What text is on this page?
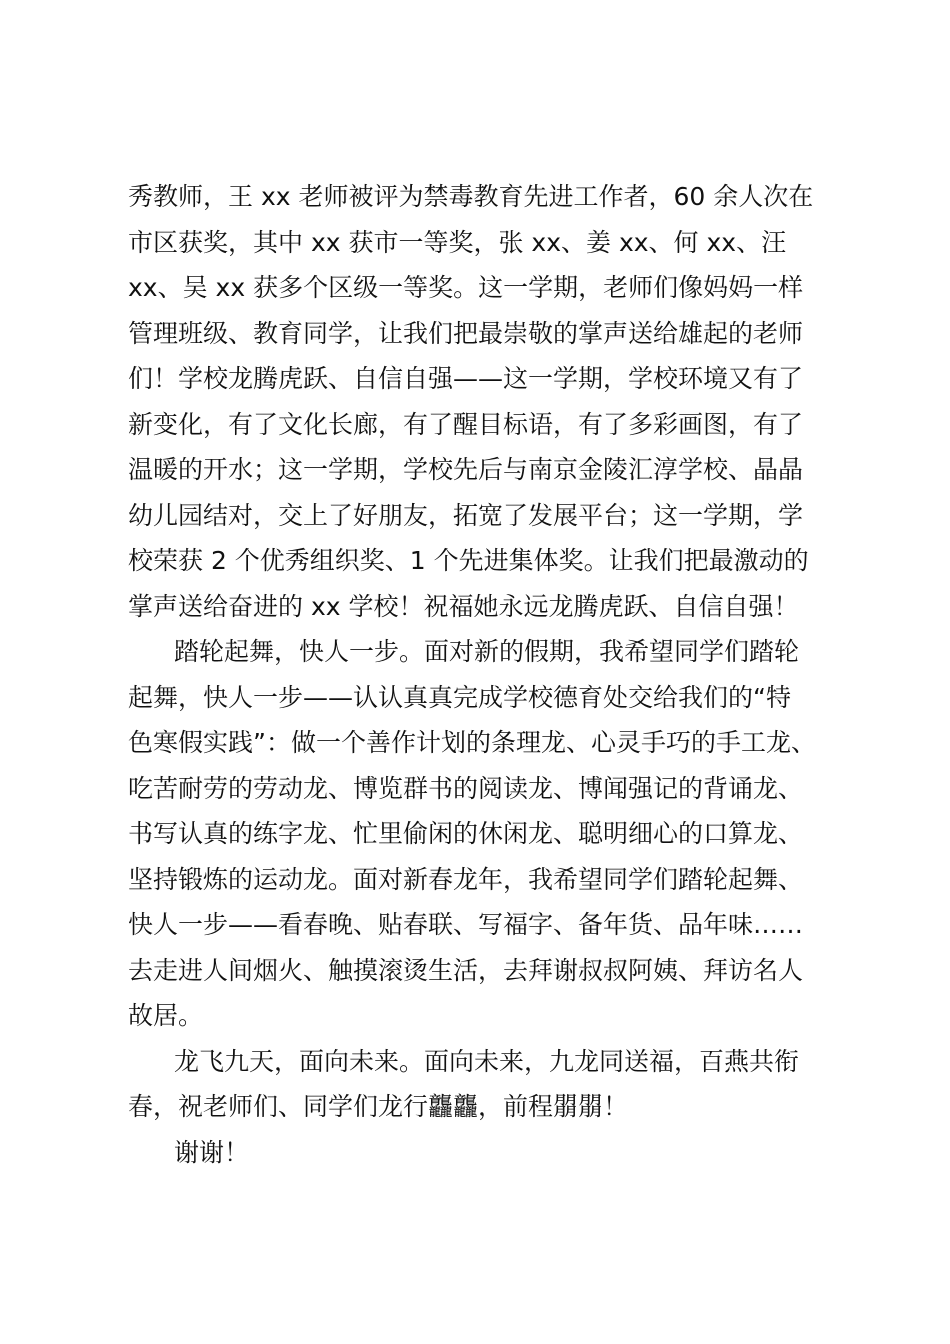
秀教师，王 xx 老师被评为禁毒教育先进工作者，60 余人次在
市区获奖，其中 xx 获市一等奖，张 xx、姜 xx、何 xx、汪
xx、吴 xx 获多个区级一等奖。这一学期，老师们像妈妈一样
管理班级、教育同学，让我们把最崇敬的掌声送给雄起的老师
们！学校龙腾虎跃、自信自强——这一学期，学校环境又有了
新变化，有了文化长廊，有了醒目标语，有了多彩画图，有了
温暖的开水；这一学期，学校先后与南京金陵汇淳学校、晶晶
幼儿园结对，交上了好朋友，拓宽了发展平台；这一学期，学
校荣获 2 个优秀组织奖、1 个先进集体奖。让我们把最激动的
掌声送给奋进的 xx 学校！祝福她永远龙腾虎跃、自信自强！
踏轮起舞，快人一步。面对新的假期，我希望同学们踏轮
起舞，快人一步——认认真真完成学校德育处交给我们的“特
色寒假实践”：做一个善作计划的条理龙、心灵手巧的手工龙、
吃苦耐劳的劳动龙、博览群书的阅读龙、博闻强记的背诵龙、
书写认真的练字龙、忙里偷闲的休闲龙、聪明细心的口算龙、
坚持锻炼的运动龙。面对新春龙年，我希望同学们踏轮起舞、
快人一步——看春晚、贴春联、写福字、备年货、品年味……
去走进人间烟火、触摸滚烫生活，去拜谢叔叔阿姨、拜访名人
故居。
龙飞九天，面向未来。面向未来，九龙同送福，百燕共衔
春，祝老师们、同学们龙行龘龘，前程朤朤！
谢谢！
